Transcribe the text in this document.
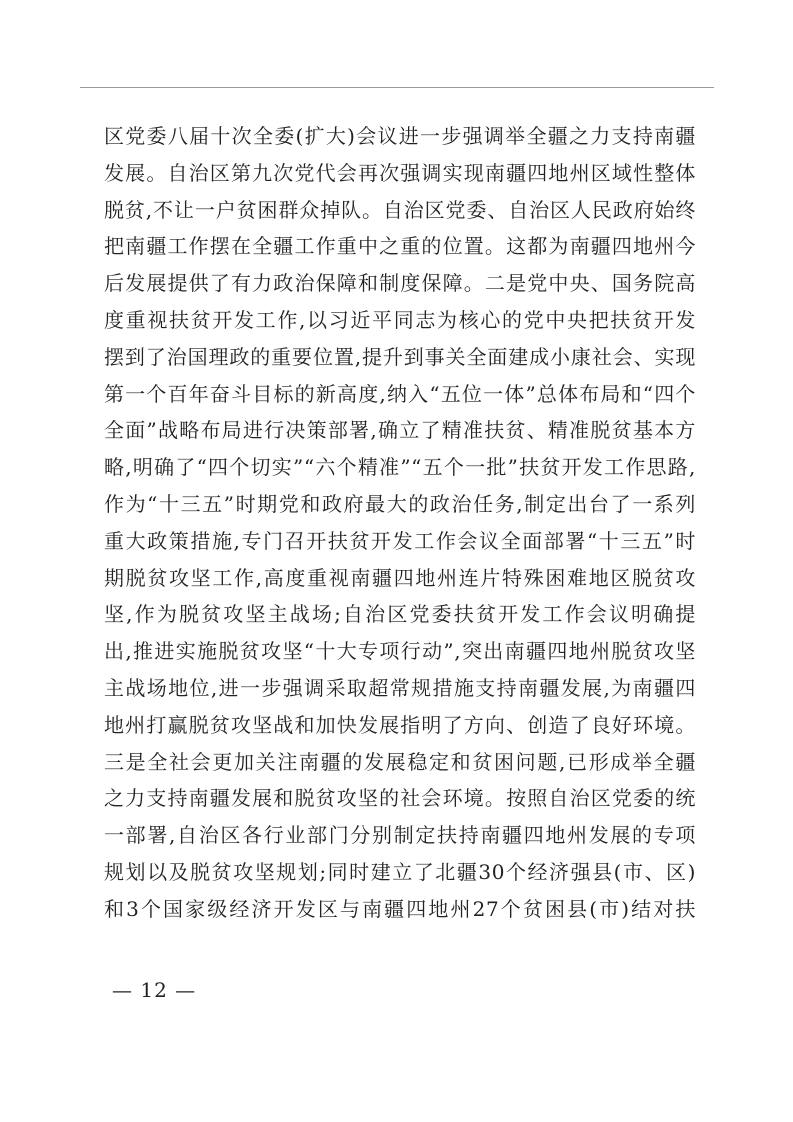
区党委八届十次全委(扩大)会议进一步强调举全疆之力支持南疆
发展。自治区第九次党代会再次强调实现南疆四地州区域性整体
脱贫,不让一户贫困群众掉队。自治区党委、自治区人民政府始终
把南疆工作摆在全疆工作重中之重的位置。这都为南疆四地州今
后发展提供了有力政治保障和制度保障。二是党中央、国务院高
度重视扶贫开发工作,以习近平同志为核心的党中央把扶贫开发
摆到了治国理政的重要位置,提升到事关全面建成小康社会、实现
第一个百年奋斗目标的新高度,纳入“五位一体”总体布局和“四个
全面”战略布局进行决策部署,确立了精准扶贫、精准脱贫基本方
略,明确了“四个切实”“六个精准”“五个一批”扶贫开发工作思路,
作为“十三五”时期党和政府最大的政治任务,制定出台了一系列
重大政策措施,专门召开扶贫开发工作会议全面部署“十三五”时
期脱贫攻坚工作,高度重视南疆四地州连片特殊困难地区脱贫攻
坚,作为脱贫攻坚主战场;自治区党委扶贫开发工作会议明确提
出,推进实施脱贫攻坚“十大专项行动”,突出南疆四地州脱贫攻坚
主战场地位,进一步强调采取超常规措施支持南疆发展,为南疆四
地州打赢脱贫攻坚战和加快发展指明了方向、创造了良好环境。
三是全社会更加关注南疆的发展稳定和贫困问题,已形成举全疆
之力支持南疆发展和脱贫攻坚的社会环境。按照自治区党委的统
一部署,自治区各行业部门分别制定扶持南疆四地州发展的专项
规划以及脱贫攻坚规划;同时建立了北疆30个经济强县(市、区)
和3个国家级经济开发区与南疆四地州27个贫困县(市)结对扶
— 12 —
